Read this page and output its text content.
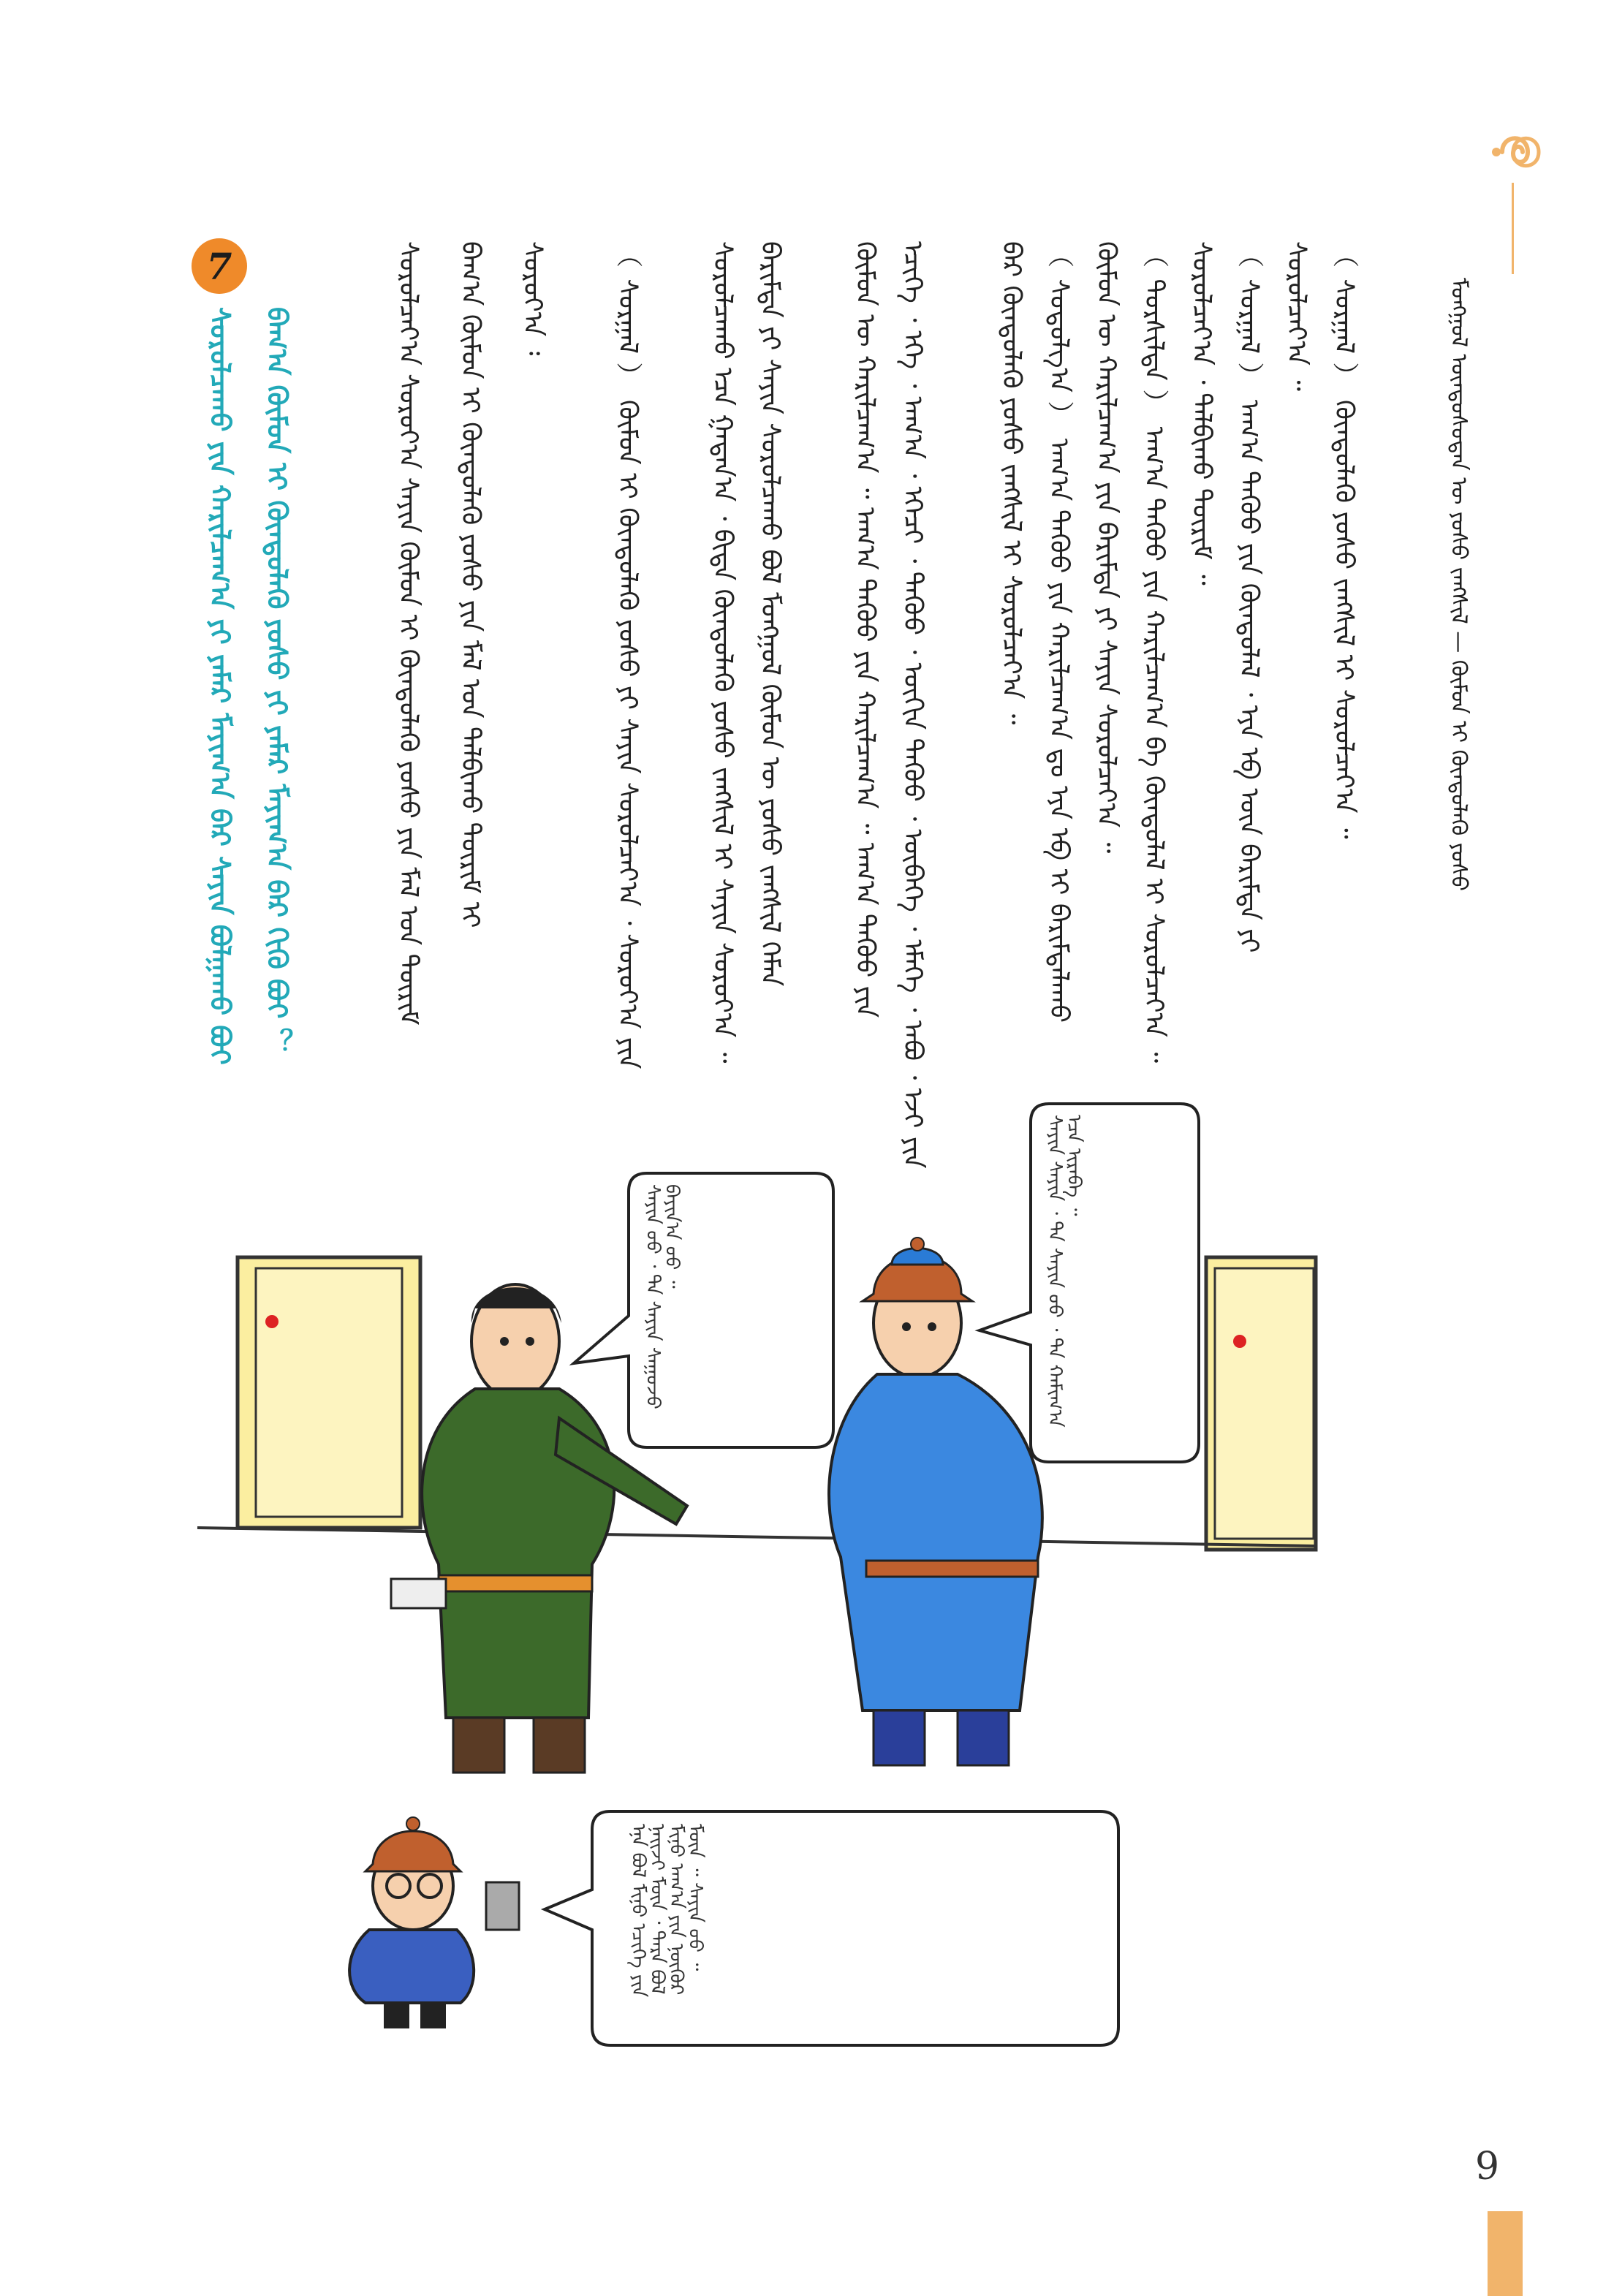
ᠮᠣᠩᠭᠣᠯ ᠦᠨᠳᠦᠰᠦᠲᠡᠨ ᠦ ᠶᠣᠰᠣ ᠵᠠᠩᠱᠢᠯ — ᠬᠦᠮᠦᠨ ᠢ ᠬᠦᠨᠳᠦᠯᠡᠬᠦ ᠶᠣᠰᠣ
（ ᠰᠤᠷᠭᠠᠯ ） ᠬᠦᠨᠳᠦᠯᠡᠬᠦ ᠶᠣᠰᠣ ᠵᠠᠩᠱᠢᠯ ᠢ ᠰᠤᠷᠤᠯᠴᠠᠶ᠎ᠠ ᠃
ᠰᠤᠷᠤᠯᠴᠠᠶ᠎ᠠ ᠃
（ ᠰᠤᠷᠭᠠᠯ ） ᠠᠬ᠎ᠠ ᠳᠡᠭᠦᠦ ᠶᠢᠨ ᠬᠦᠨᠳᠦᠯᠡᠯ ᠂ ᠡᠶᠡ ᠡᠪ ᠦᠨ ᠪᠠᠷᠢᠮᠲᠠ ᠶᠢ
ᠰᠤᠷᠤᠯᠴᠠᠶ᠎ᠠ ᠂ ᠲᠠᠯᠪᠢᠬᠤ ᠳᠦᠷᠢᠮ ᠃
（ ᠲᠤᠷᠰᠢᠯᠲᠠ ） ᠠᠬ᠎ᠠ ᠳᠡᠭᠦᠦ ᠶᠢᠨ ᠬᠠᠷᠢᠯᠴᠠᠭ᠎ᠠ ᠪᠠ ᠬᠦᠨᠳᠦᠯᠡᠯ ᠢ ᠰᠤᠷᠤᠯᠴᠠᠶ᠎ᠠ ᠃
ᠬᠦᠮᠦᠨ ᠦ ᠬᠠᠷᠢᠯᠴᠠᠭ᠎ᠠ ᠶᠢᠨ ᠪᠠᠷᠢᠮᠲᠠ ᠶᠢ ᠰᠠᠶᠢᠨ ᠰᠤᠷᠤᠯᠴᠠᠶ᠎ᠠ ᠃
（ ᠰᠣᠳᠤᠯᠭ᠎ᠠ ） ᠠᠬ᠎ᠠ ᠳᠡᠭᠦᠦ ᠶᠢᠨ ᠬᠠᠷᠢᠯᠴᠠᠭ᠎ᠠ ᠳᠤ ᠡᠶᠡ ᠡᠪ ᠢ ᠪᠠᠷᠢᠮᠲᠠᠯᠠᠬᠤ
ᠪᠡᠷ ᠬᠦᠨᠳᠦᠯᠡᠬᠦ ᠶᠣᠰᠣ ᠵᠠᠩᠱᠢᠯ ᠢ ᠰᠤᠷᠤᠯᠴᠠᠶ᠎ᠠ ᠃
ᠡᠴᠢᠭᠡ ᠂ ᠡᠬᠡ ᠂ ᠠᠬ᠎ᠠ ᠂ ᠡᠭᠡᠴᠢ ᠂ ᠳᠡᠭᠦᠦ ᠂ ᠦᠬᠢᠨ ᠳᠡᠭᠦᠦ ᠂ ᠥᠪᠡᠭᠡ ᠂ ᠡᠮᠡᠭᠡ ᠂ ᠠᠪᠤ ᠂ ᠡᠵᠢ ᠶᠢᠨ
ᠬᠦᠮᠦᠨ ᠦ ᠬᠠᠷᠢᠯᠴᠠᠭ᠎ᠠ ᠃ ᠠᠬ᠎ᠠ ᠳᠡᠭᠦᠦ ᠶᠢᠨ ᠬᠠᠷᠢᠯᠴᠠᠭ᠎ᠠ ᠃ ᠠᠬ᠎ᠠ ᠳᠡᠭᠦᠦ ᠶᠢᠨ
ᠪᠠᠷᠢᠮᠲᠠ ᠶᠢ ᠰᠠᠶᠢᠨ ᠰᠤᠷᠤᠯᠴᠠᠬᠤ ᠪᠣᠯ ᠮᠣᠩᠭᠣᠯ ᠬᠦᠮᠦᠨ ᠦ ᠶᠣᠰᠣ ᠵᠠᠩᠱᠢᠯ ᠬᠡᠮᠡᠨ
ᠰᠤᠷᠤᠯᠴᠠᠬᠤ ᠡᠴᠡ ᠭᠠᠳᠠᠨ᠎ᠠ ᠂ ᠪᠢᠳᠡ ᠬᠦᠨᠳᠦᠯᠡᠬᠦ ᠶᠣᠰᠣ ᠵᠠᠩᠱᠢᠯ ᠢ ᠰᠠᠶᠢᠨ ᠰᠤᠷᠤᠶ᠎ᠠ ᠃
（ ᠰᠤᠷᠭᠠᠯ ） ᠬᠦᠮᠦᠨ ᠢ ᠬᠦᠨᠳᠦᠯᠡᠬᠦ ᠶᠣᠰᠣ ᠶᠢ ᠰᠠᠶᠢᠨ ᠰᠤᠷᠤᠯᠴᠠᠶ᠎ᠠ ᠂ ᠰᠤᠷᠤᠶ᠎ᠠ ᠶᠢᠨ
ᠰᠤᠷᠤᠶ᠎ᠠ ᠄
ᠪᠠᠭ᠎ᠠ ᠬᠦᠮᠦᠨ ᠢ ᠬᠦᠨᠳᠦᠯᠡᠬᠦ ᠶᠣᠰᠣ ᠶᠢᠨ ᠮᠠᠯ ᠤᠨ ᠲᠠᠯᠪᠢᠬᠤ ᠳᠦᠷᠢᠮ ᠢ
ᠰᠤᠷᠤᠯᠴᠠᠶ᠎ᠠ ᠰᠤᠷᠤᠶ᠎ᠠ ᠰᠠᠶᠢᠨ ᠬᠦᠮᠦᠨ ᠢ ᠬᠦᠨᠳᠦᠯᠡᠬᠦ ᠶᠣᠰᠣ ᠶᠢᠨ ᠮᠠᠯ ᠤᠨ ᠳᠦᠷᠢᠮ
7
ᠪᠠᠭ᠎ᠠ ᠬᠦᠮᠦᠨ ᠢ ᠬᠦᠨᠳᠦᠯᠡᠬᠦ ᠶᠣᠰᠣ ᠶᠢ ᠶᠠᠮᠠᠷ ᠮᠠᠶᠢᠭ᠎ᠠ ᠪᠠᠷ ᠬᠢᠬᠦ ᠪᠤᠢ ？
ᠰᠤᠷᠤᠯᠴᠠᠬᠤ ᠶᠢᠨ ᠬᠠᠷᠢᠯᠴᠠᠭ᠎ᠠ ᠶᠢ ᠶᠠᠮᠠᠷ ᠮᠠᠶᠢᠭ᠎ᠠ ᠪᠠᠷ ᠰᠠᠶᠢᠨ ᠪᠣᠯᠭᠠᠬᠤ ᠪᠤᠢ
ᠰᠠᠶᠢᠨ ᠰᠠᠶᠢᠨ ᠂ ᠲᠠ ᠰᠠᠶᠢᠨ ᠤᠤ ᠂ ᠲᠠ ᠬᠠᠮᠢᠭ᠎ᠠ ᠡᠴᠡ ᠢᠷᠡᠪᠡ ᠃
ᠰᠠᠶᠢᠨ ᠤᠤ ᠂ ᠲᠠ ᠰᠠᠶᠢᠨ ᠰᠠᠭᠤᠵᠤ ᠪᠠᠶᠢᠨ᠎ᠠ ᠤᠤ ᠃
ᠡᠨᠡ ᠪᠣᠯ ᠮᠢᠨᠤ ᠡᠴᠢᠭᠡ ᠶᠢᠨ ᠨᠠᠢᠵᠢ ᠮᠥᠨ ᠂ ᠲᠡᠷᠡ ᠪᠣᠯ ᠮᠢᠨᠤ ᠠᠬ᠎ᠠ ᠶᠢᠨ ᠨᠥᠬᠦᠷ ᠮᠥᠨ ᠃ ᠰᠠᠶᠢᠨ ᠤᠤ ᠃
9
